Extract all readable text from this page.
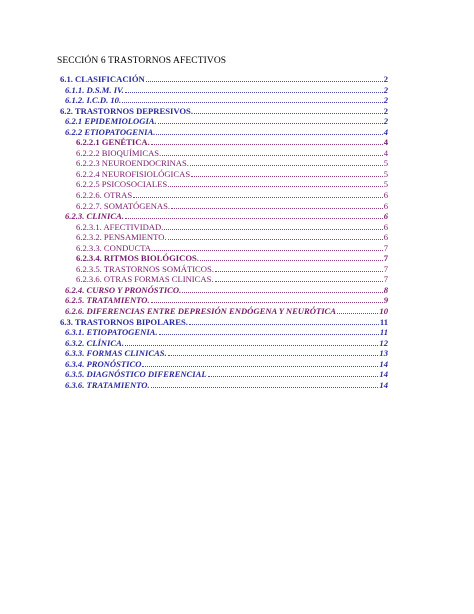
SECCIÓN 6 TRASTORNOS AFECTIVOS
6.1. CLASIFICACIÓN	2
6.1.1. D.S.M. IV.	2
6.1.2. I.C.D. 10.	2
6.2. TRASTORNOS DEPRESIVOS.	2
6.2.1 EPIDEMIOLOGIA.	2
6.2.2 ETIOPATOGENIA.	4
6.2.2.1 GENÉTICA.	4
6.2.2.2 BIOQUÍMICAS.	4
6.2.2.3 NEUROENDOCRINAS.	5
6.2.2.4 NEUROFISIOLÓGICAS	5
6.2.2.5 PSICOSOCIALES.	5
6.2.2.6. OTRAS	6
6.2.2.7. SOMATÓGENAS.	6
6.2.3. CLINICA.	6
6.2.3.1. AFECTIVIDAD.	6
6.2.3.2. PENSAMIENTO.	6
6.2.3.3. CONDUCTA.	7
6.2.3.4. RITMOS BIOLÓGICOS.	7
6.2.3.5. TRASTORNOS SOMÁTICOS.	7
6.2.3.6. OTRAS FORMAS CLINICAS.	7
6.2.4. CURSO Y PRONÓSTICO.	8
6.2.5. TRATAMIENTO.	9
6.2.6. DIFERENCIAS ENTRE DEPRESIÓN ENDÓGENA Y NEURÓTICA	10
6.3. TRASTORNOS BIPOLARES.	11
6.3.1. ETIOPATOGENIA.	11
6.3.2. CLÍNICA.	12
6.3.3. FORMAS CLINICAS.	13
6.3.4. PRONÓSTICO	14
6.3.5. DIAGNÓSTICO DIFERENCIAL	14
6.3.6. TRATAMIENTO.	14
